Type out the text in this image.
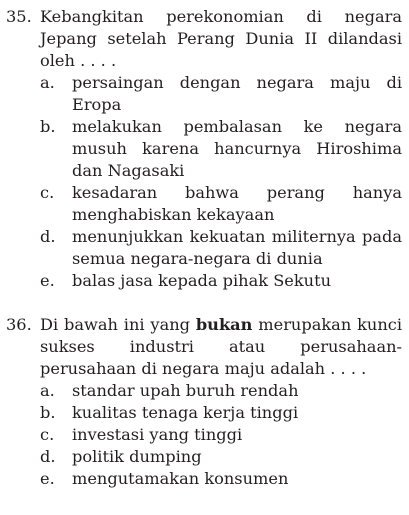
35. Kebangkitan perekonomian di negara Jepang setelah Perang Dunia II dilandasi oleh . . . .
a.	persaingan dengan negara maju di Eropa
b.	melakukan pembalasan ke negara musuh karena hancurnya Hiroshima dan Nagasaki
c.	kesadaran bahwa perang hanya menghabiskan kekayaan
d.	menunjukkan kekuatan militernya pada semua negara-negara di dunia
e.	balas jasa kepada pihak Sekutu
36. Di bawah ini yang bukan merupakan kunci sukses industri atau perusahaan-perusahaan di negara maju adalah . . . .
a.	standar upah buruh rendah
b.	kualitas tenaga kerja tinggi
c.	investasi yang tinggi
d.	politik dumping
e.	mengutamakan konsumen
